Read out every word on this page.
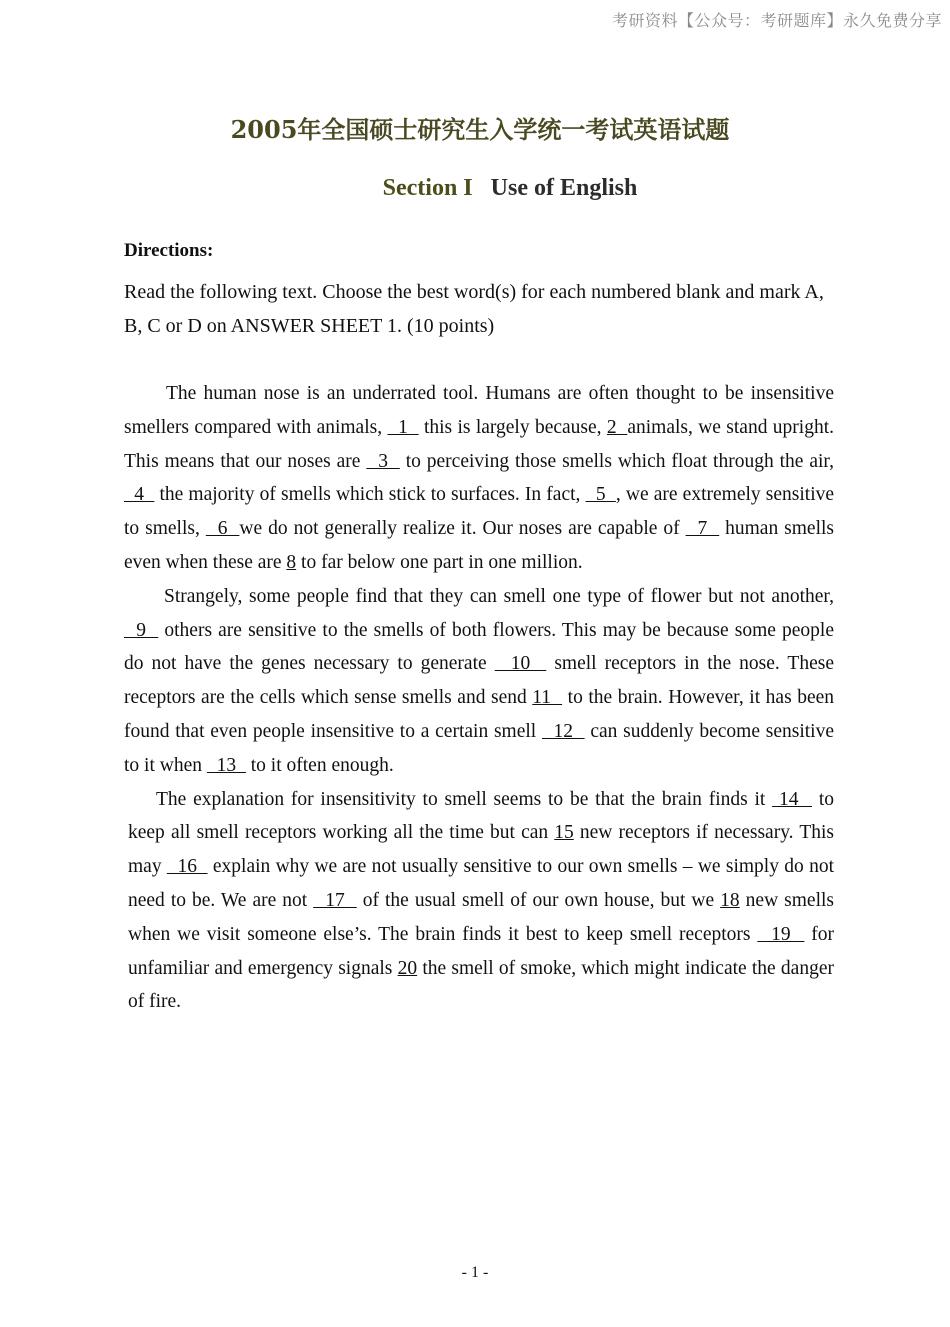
考研资料【公众号：考研题库】永久免费分享
2005年全国硕士研究生入学统一考试英语试题
Section I Use of English
Directions:

Read the following text. Choose the best word(s) for each numbered blank and mark A, B, C or D on ANSWER SHEET 1. (10 points)

The human nose is an underrated tool. Humans are often thought to be insensitive smellers compared with animals,   1   this is largely because, 2  animals, we stand upright. This means that our noses are   3   to perceiving those smells which float through the air,   4   the majority of smells which stick to surfaces. In fact,   5  , we are extremely sensitive to smells,   6  we do not generally realize it. Our noses are capable of   7   human smells even when these are 8 to far below one part in one million.

Strangely, some people find that they can smell one type of flower but not another,   9   others are sensitive to the smells of both flowers. This may be because some people do not have the genes necessary to generate   10   smell receptors in the nose. These receptors are the cells which sense smells and send 11   to the brain. However, it has been found that even people insensitive to a certain smell   12   can suddenly become sensitive to it when   13   to it often enough.

The explanation for insensitivity to smell seems to be that the brain finds it  14   to keep all smell receptors working all the time but can 15 new receptors if necessary. This may   16   explain why we are not usually sensitive to our own smells – we simply do not need to be. We are not   17   of the usual smell of our own house, but we 18 new smells when we visit someone else’s. The brain finds it best to keep smell receptors   19   for unfamiliar and emergency signals 20 the smell of smoke, which might indicate the danger of fire.

- 1 -
